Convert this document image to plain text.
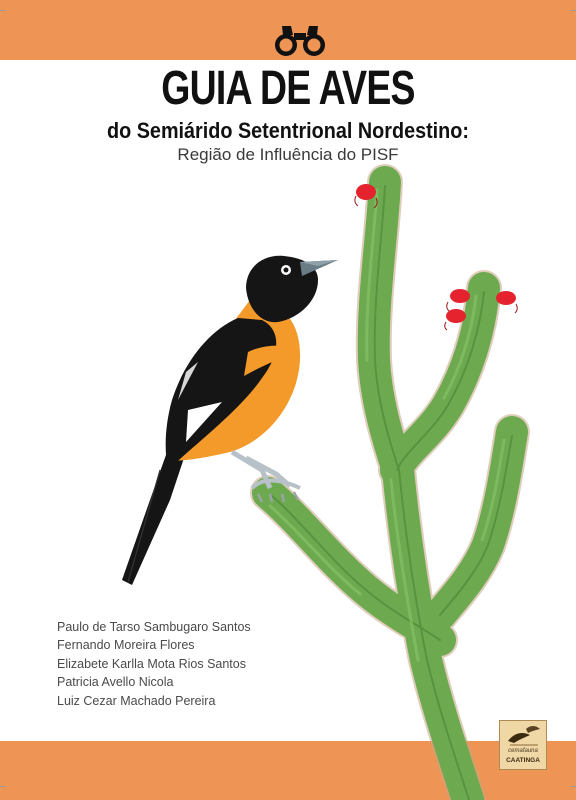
GUIA DE AVES
do Semiárido Setentrional Nordestino:
Região de Influência do PISF
Paulo de Tarso Sambugaro Santos
Fernando Moreira Flores
Elizabete Karlla Mota Rios Santos
Patricia Avello Nicola
Luiz Cezar Machado Pereira
cemafauna
CAATINGA
